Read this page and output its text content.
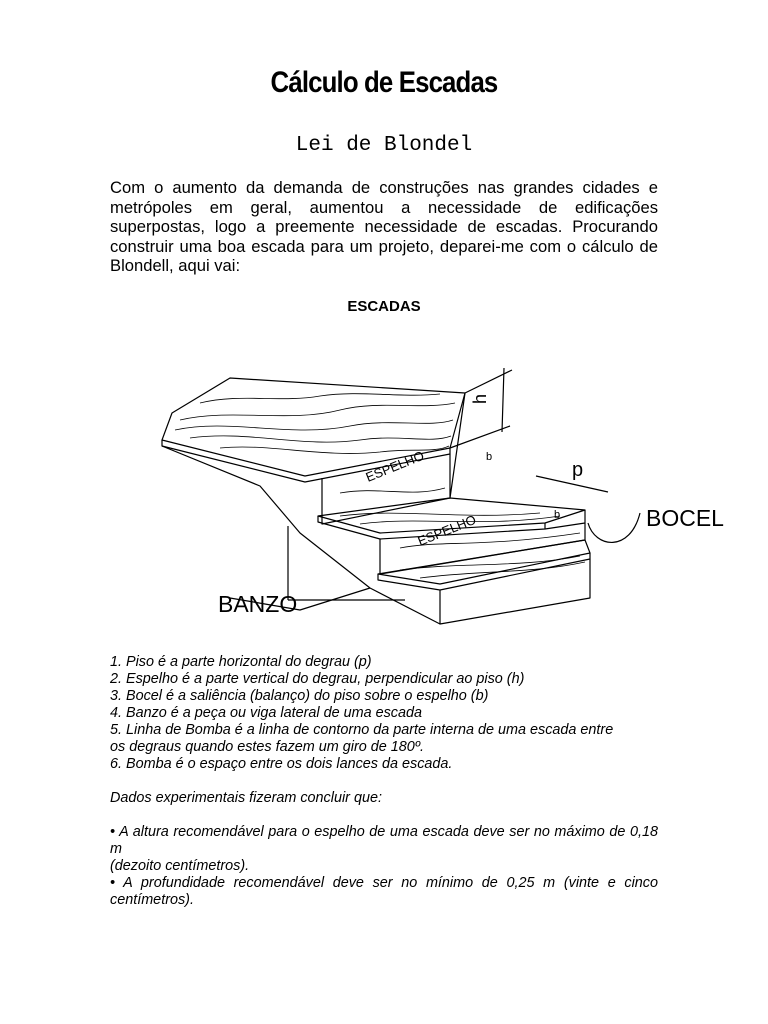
Cálculo de Escadas
Lei de Blondel

Com o aumento da demanda de construções nas grandes cidades e metrópoles em geral, aumentou a necessidade de edificações superpostas, logo a preemente necessidade de escadas. Procurando construir uma boa escada para um projeto, deparei-me com o cálculo de Blondell, aqui vai:

ESCADAS
h
p
ESPELHO
ESPELHO
b
b	BOCEL
BANZO

1. Piso é a parte horizontal do degrau (p)

2. Espelho é a parte vertical do degrau, perpendicular ao piso (h)

3. Bocel é a saliência (balanço) do piso sobre o espelho (b)

4. Banzo é a peça ou viga lateral de uma escada

5. Linha de Bomba é a linha de contorno da parte interna de uma escada entre

os degraus quando estes fazem um giro de 180º.

6. Bomba é o espaço entre os dois lances da escada.

Dados experimentais fizeram concluir que:

• A altura recomendável para o espelho de uma escada deve ser no máximo de 0,18 m

(dezoito centímetros).

• A profundidade recomendável deve ser no mínimo de 0,25 m (vinte e cinco centímetros).
